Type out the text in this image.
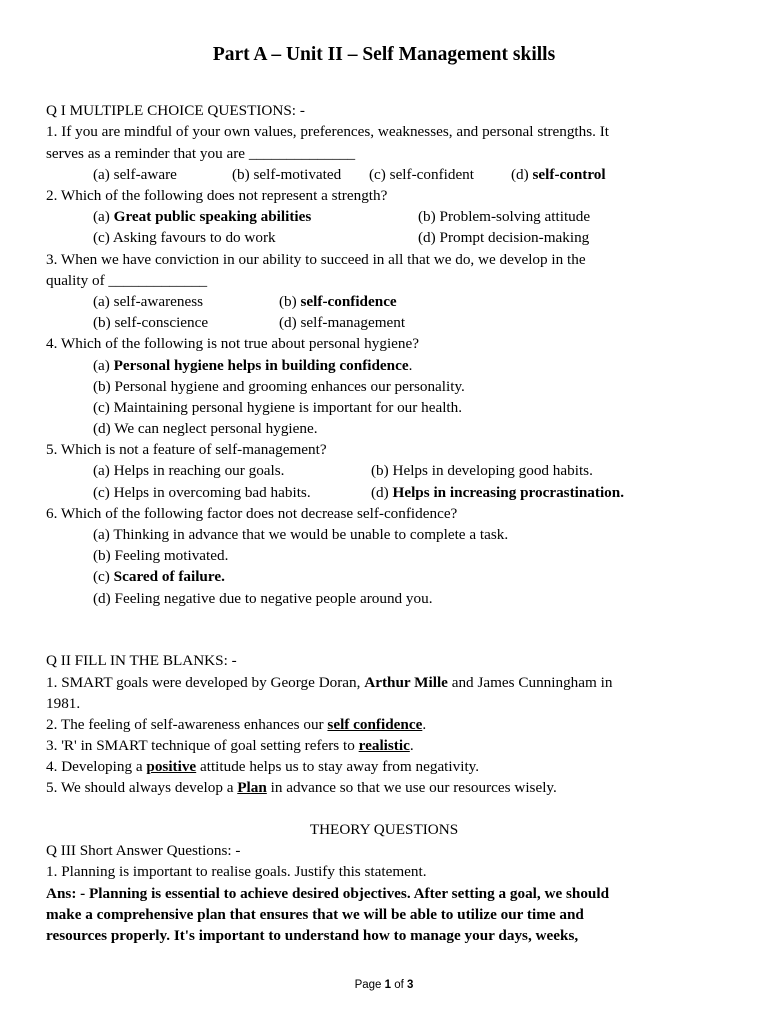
Part A – Unit II – Self Management skills
Q I MULTIPLE CHOICE QUESTIONS: -
1. If you are mindful of your own values, preferences, weaknesses, and personal strengths. It
serves as a reminder that you are ______________
(a) self-aware	(b) self-motivated (c) self-confident (d) self-control
2. Which of the following does not represent a strength?
(a) Great public speaking abilities	(b) Problem-solving attitude
(c) Asking favours to do work	(d) Prompt decision-making
3. When we have conviction in our ability to succeed in all that we do, we develop in the
quality of _____________
(a) self-awareness	(b) self-confidence
(b) self-conscience	(d) self-management
4. Which of the following is not true about personal hygiene?
(a) Personal hygiene helps in building confidence.
(b) Personal hygiene and grooming enhances our personality.
(c) Maintaining personal hygiene is important for our health.
(d) We can neglect personal hygiene.
5. Which is not a feature of self-management?
(a) Helps in reaching our goals.	(b) Helps in developing good habits.
(c) Helps in overcoming bad habits.	(d) Helps in increasing procrastination.
6. Which of the following factor does not decrease self-confidence?
(a) Thinking in advance that we would be unable to complete a task.
(b) Feeling motivated.
(c) Scared of failure.
(d) Feeling negative due to negative people around you.
Q II FILL IN THE BLANKS: -
1. SMART goals were developed by George Doran, Arthur Mille and James Cunningham in
1981.
2. The feeling of self-awareness enhances our self confidence.
3. 'R' in SMART technique of goal setting refers to realistic.
4. Developing a positive attitude helps us to stay away from negativity.
5. We should always develop a Plan in advance so that we use our resources wisely.
THEORY QUESTIONS
Q III Short Answer Questions: -
1. Planning is important to realise goals. Justify this statement.
Ans: - Planning is essential to achieve desired objectives. After setting a goal, we should
make a comprehensive plan that ensures that we will be able to utilize our time and
resources properly. It's important to understand how to manage your days, weeks,
Page 1 of 3
